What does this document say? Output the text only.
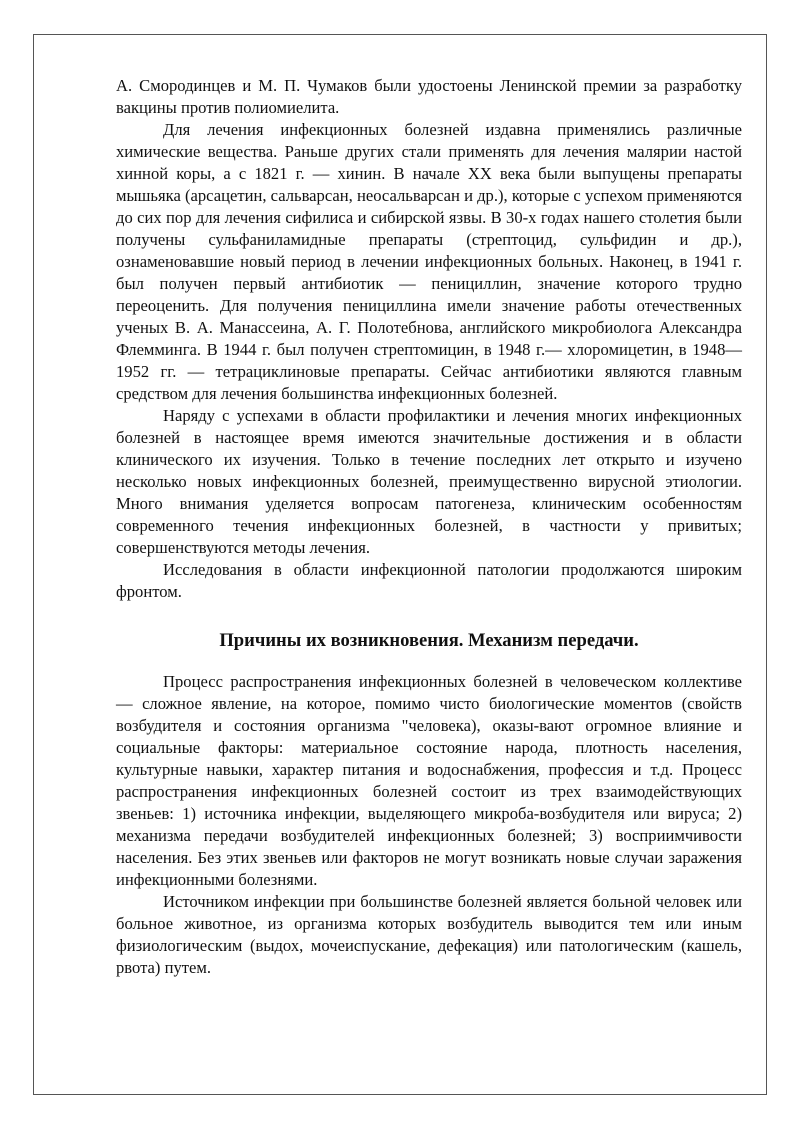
А. Смородинцев и М. П. Чумаков были удостоены Ленинской премии за разработку вакцины против полиомиелита.

Для лечения инфекционных болезней издавна применялись различные химические вещества. Раньше других стали применять для лечения малярии настой хинной коры, а с 1821 г. — хинин. В начале XX века были выпущены препараты мышьяка (арсацетин, сальварсан, неосальварсан и др.), которые с успехом применяются до сих пор для лечения сифилиса и сибирской язвы. В 30-х годах нашего столетия были получены сульфаниламидные препараты (стрептоцид, сульфидин и др.), ознаменовавшие новый период в лечении инфекционных больных. Наконец, в 1941 г. был получен первый антибиотик — пенициллин, значение которого трудно переоценить. Для получения пенициллина имели значение работы отечественных ученых В. А. Манассеина, А. Г. Полотебнова, английского микробиолога Александра Флемминга. В 1944 г. был получен стрептомицин, в 1948 г.— хлоромицетин, в 1948—1952 гг. — тетрациклиновые препараты. Сейчас антибиотики являются главным средством для лечения большинства инфекционных болезней.

Наряду с успехами в области профилактики и лечения многих инфекционных болезней в настоящее время имеются значительные достижения и в области клинического их изучения. Только в течение последних лет открыто и изучено несколько новых инфекционных болезней, преимущественно вирусной этиологии. Много внимания уделяется вопросам патогенеза, клиническим особенностям современного течения инфекционных болезней, в частности у привитых; совершенствуются методы лечения.

Исследования в области инфекционной патологии продолжаются широким фронтом.

Причины их возникновения. Механизм передачи.

Процесс распространения инфекционных болезней в человеческом коллективе — сложное явление, на которое, помимо чисто биологические моментов (свойств возбудителя и состояния организма "человека), оказы-вают огромное влияние и социальные факторы: материальное состояние народа, плотность населения, культурные навыки, характер питания и водоснабжения, профессия и т.д. Процесс распространения инфекционных болезней состоит из трех взаимодействующих звеньев: 1) источника инфекции, выделяющего микроба-возбудителя или вируса; 2) механизма передачи возбудителей инфекционных болезней; 3) восприимчивости населения. Без этих звеньев или факторов не могут возникать новые случаи заражения инфекционными болезнями.

Источником инфекции при большинстве болезней является больной человек или больное животное, из организма которых возбудитель выводится тем или иным физиологическим (выдох, мочеиспускание, дефекация) или патологическим (кашель, рвота) путем.
